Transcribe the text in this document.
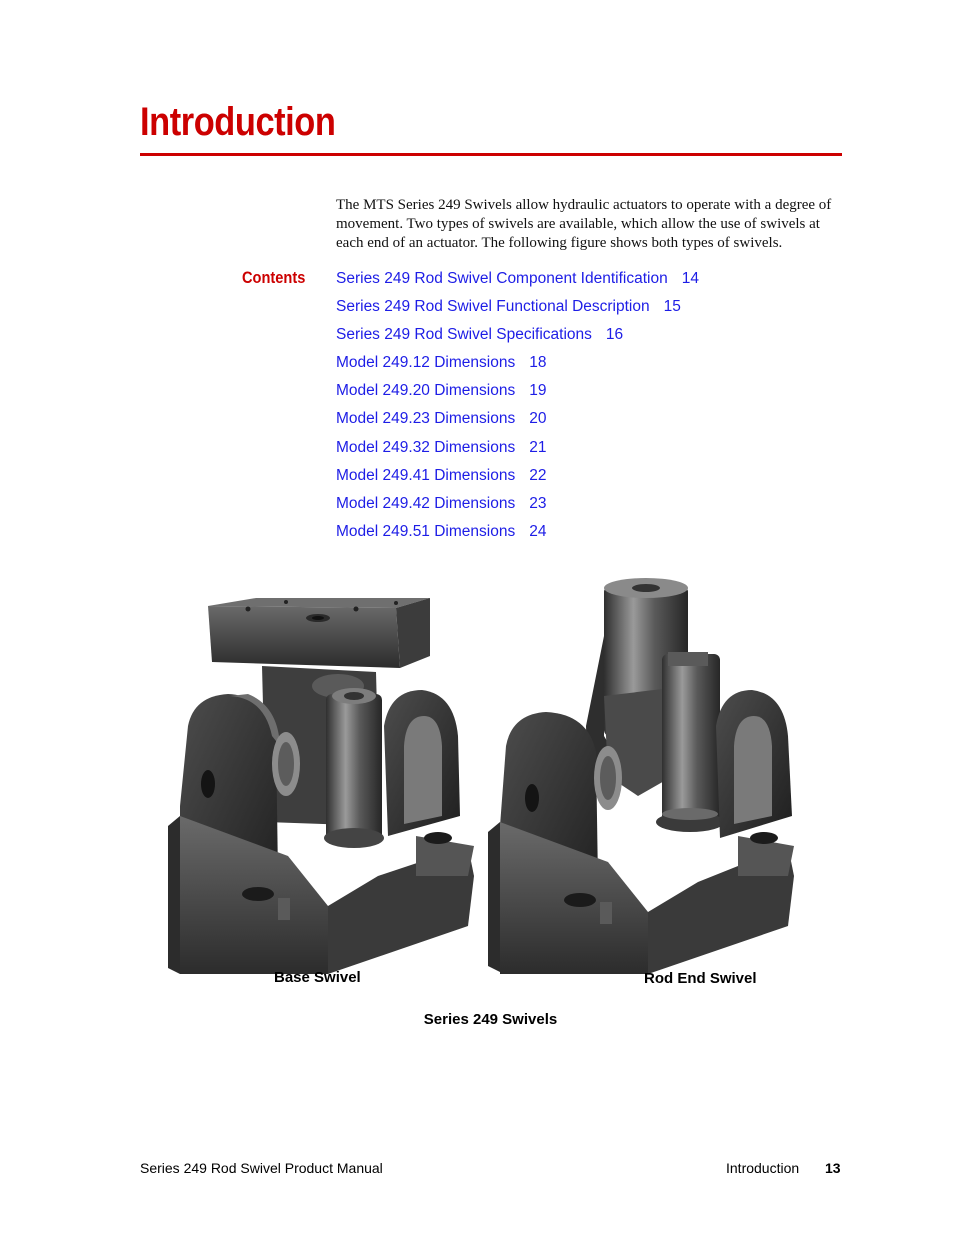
Introduction

The MTS Series 249 Swivels allow hydraulic actuators to operate with a degree of movement. Two types of swivels are available, which allow the use of swivels at each end of an actuator. The following figure shows both types of swivels.

Contents Series 249 Rod Swivel Component Identification 14
Series 249 Rod Swivel Functional Description 15
Series 249 Rod Swivel Specifications 16
Model 249.12 Dimensions 18
Model 249.20 Dimensions 19
Model 249.23 Dimensions 20
Model 249.32 Dimensions 21
Model 249.41 Dimensions 22
Model 249.42 Dimensions 23
Model 249.51 Dimensions 24
Base Swivel	Rod End Swivel
Series 249 Swivels
Series 249 Rod Swivel Product Manual	Introduction 13
